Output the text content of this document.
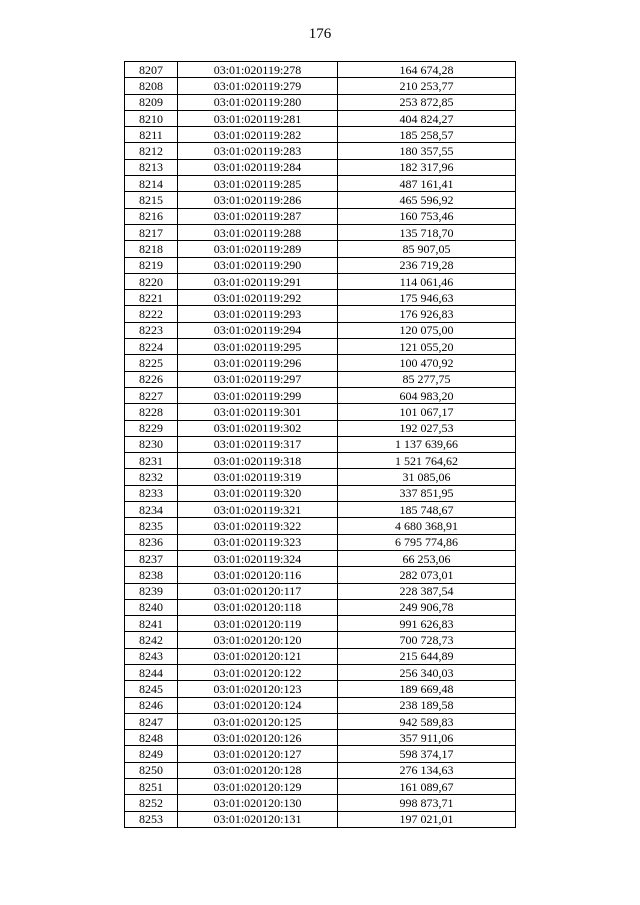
176
8207	03:01:020119:278	164 674,28
8208	03:01:020119:279	210 253,77
8209	03:01:020119:280	253 872,85
8210	03:01:020119:281	404 824,27
8211	03:01:020119:282	185 258,57
8212	03:01:020119:283	180 357,55
8213	03:01:020119:284	182 317,96
8214	03:01:020119:285	487 161,41
8215	03:01:020119:286	465 596,92
8216	03:01:020119:287	160 753,46
8217	03:01:020119:288	135 718,70
8218	03:01:020119:289	85 907,05
8219	03:01:020119:290	236 719,28
8220	03:01:020119:291	114 061,46
8221	03:01:020119:292	175 946,63
8222	03:01:020119:293	176 926,83
8223	03:01:020119:294	120 075,00
8224	03:01:020119:295	121 055,20
8225	03:01:020119:296	100 470,92
8226	03:01:020119:297	85 277,75
8227	03:01:020119:299	604 983,20
8228	03:01:020119:301	101 067,17
8229	03:01:020119:302	192 027,53
8230	03:01:020119:317	1 137 639,66
8231	03:01:020119:318	1 521 764,62
8232	03:01:020119:319	31 085,06
8233	03:01:020119:320	337 851,95
8234	03:01:020119:321	185 748,67
8235	03:01:020119:322	4 680 368,91
8236	03:01:020119:323	6 795 774,86
8237	03:01:020119:324	66 253,06
8238	03:01:020120:116	282 073,01
8239	03:01:020120:117	228 387,54
8240	03:01:020120:118	249 906,78
8241	03:01:020120:119	991 626,83
8242	03:01:020120:120	700 728,73
8243	03:01:020120:121	215 644,89
8244	03:01:020120:122	256 340,03
8245	03:01:020120:123	189 669,48
8246	03:01:020120:124	238 189,58
8247	03:01:020120:125	942 589,83
8248	03:01:020120:126	357 911,06
8249	03:01:020120:127	598 374,17
8250	03:01:020120:128	276 134,63
8251	03:01:020120:129	161 089,67
8252	03:01:020120:130	998 873,71
8253	03:01:020120:131	197 021,01
